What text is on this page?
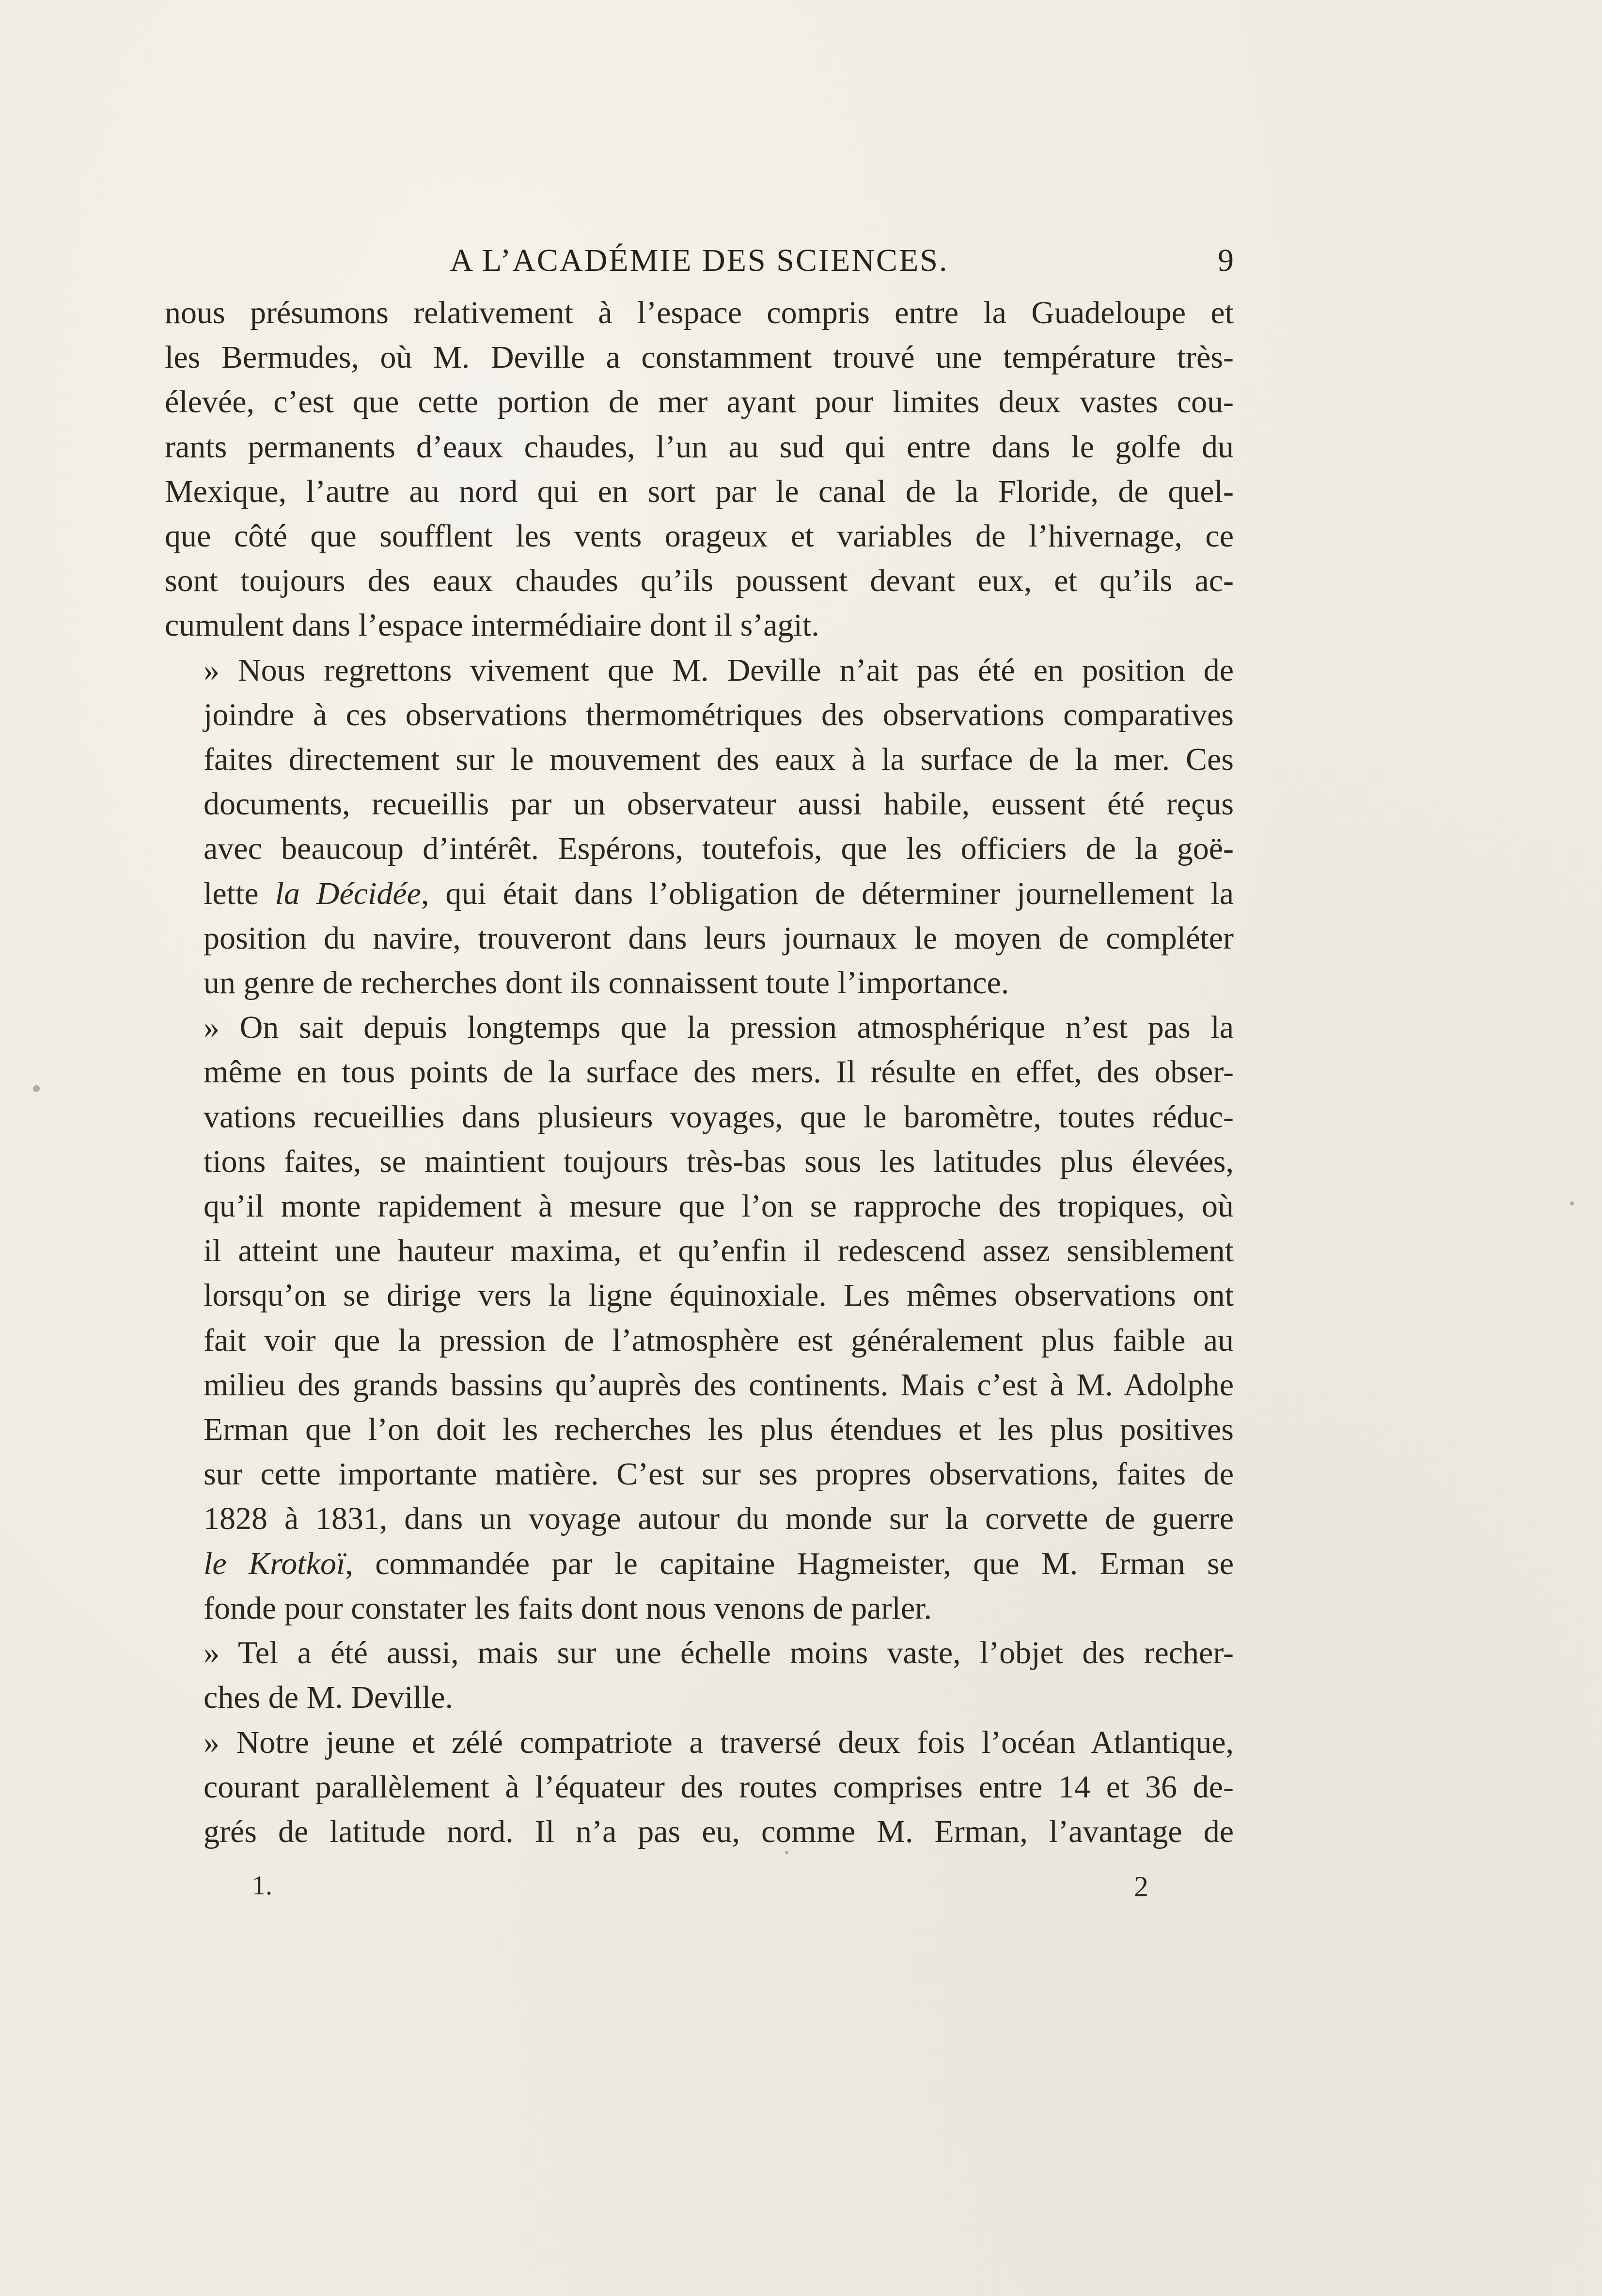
A L’ACADÉMIE DES SCIENCES.	9
nous présumons relativement à l’espace compris entre la Guadeloupe et
les Bermudes, où M. Deville a constamment trouvé une température très-
élevée, c’est que cette portion de mer ayant pour limites deux vastes cou-
rants permanents d’eaux chaudes, l’un au sud qui entre dans le golfe du
Mexique, l’autre au nord qui en sort par le canal de la Floride, de quel-
que côté que soufflent les vents orageux et variables de l’hivernage, ce
sont toujours des eaux chaudes qu’ils poussent devant eux, et qu’ils ac-
cumulent dans l’espace intermédiaire dont il s’agit.
» Nous regrettons vivement que M. Deville n’ait pas été en position de
joindre à ces observations thermométriques des observations comparatives
faites directement sur le mouvement des eaux à la surface de la mer. Ces
documents, recueillis par un observateur aussi habile, eussent été reçus
avec beaucoup d’intérêt. Espérons, toutefois, que les officiers de la goë-
lette la Décidée, qui était dans l’obligation de déterminer journellement la
position du navire, trouveront dans leurs journaux le moyen de compléter
un genre de recherches dont ils connaissent toute l’importance.
» On sait depuis longtemps que la pression atmosphérique n’est pas la
même en tous points de la surface des mers. Il résulte en effet, des obser-
vations recueillies dans plusieurs voyages, que le baromètre, toutes réduc-
tions faites, se maintient toujours très-bas sous les latitudes plus élevées,
qu’il monte rapidement à mesure que l’on se rapproche des tropiques, où
il atteint une hauteur maxima, et qu’enfin il redescend assez sensiblement
lorsqu’on se dirige vers la ligne équinoxiale. Les mêmes observations ont
fait voir que la pression de l’atmosphère est généralement plus faible au
milieu des grands bassins qu’auprès des continents. Mais c’est à M. Adolphe
Erman que l’on doit les recherches les plus étendues et les plus positives
sur cette importante matière. C’est sur ses propres observations, faites de
1828 à 1831, dans un voyage autour du monde sur la corvette de guerre
le Krotkoï, commandée par le capitaine Hagmeister, que M. Erman se
fonde pour constater les faits dont nous venons de parler.
» Tel a été aussi, mais sur une échelle moins vaste, l’objet des recher-
ches de M. Deville.
» Notre jeune et zélé compatriote a traversé deux fois l’océan Atlantique,
courant parallèlement à l’équateur des routes comprises entre 14 et 36 de-
grés de latitude nord. Il n’a pas eu, comme M. Erman, l’avantage de
1.	2
